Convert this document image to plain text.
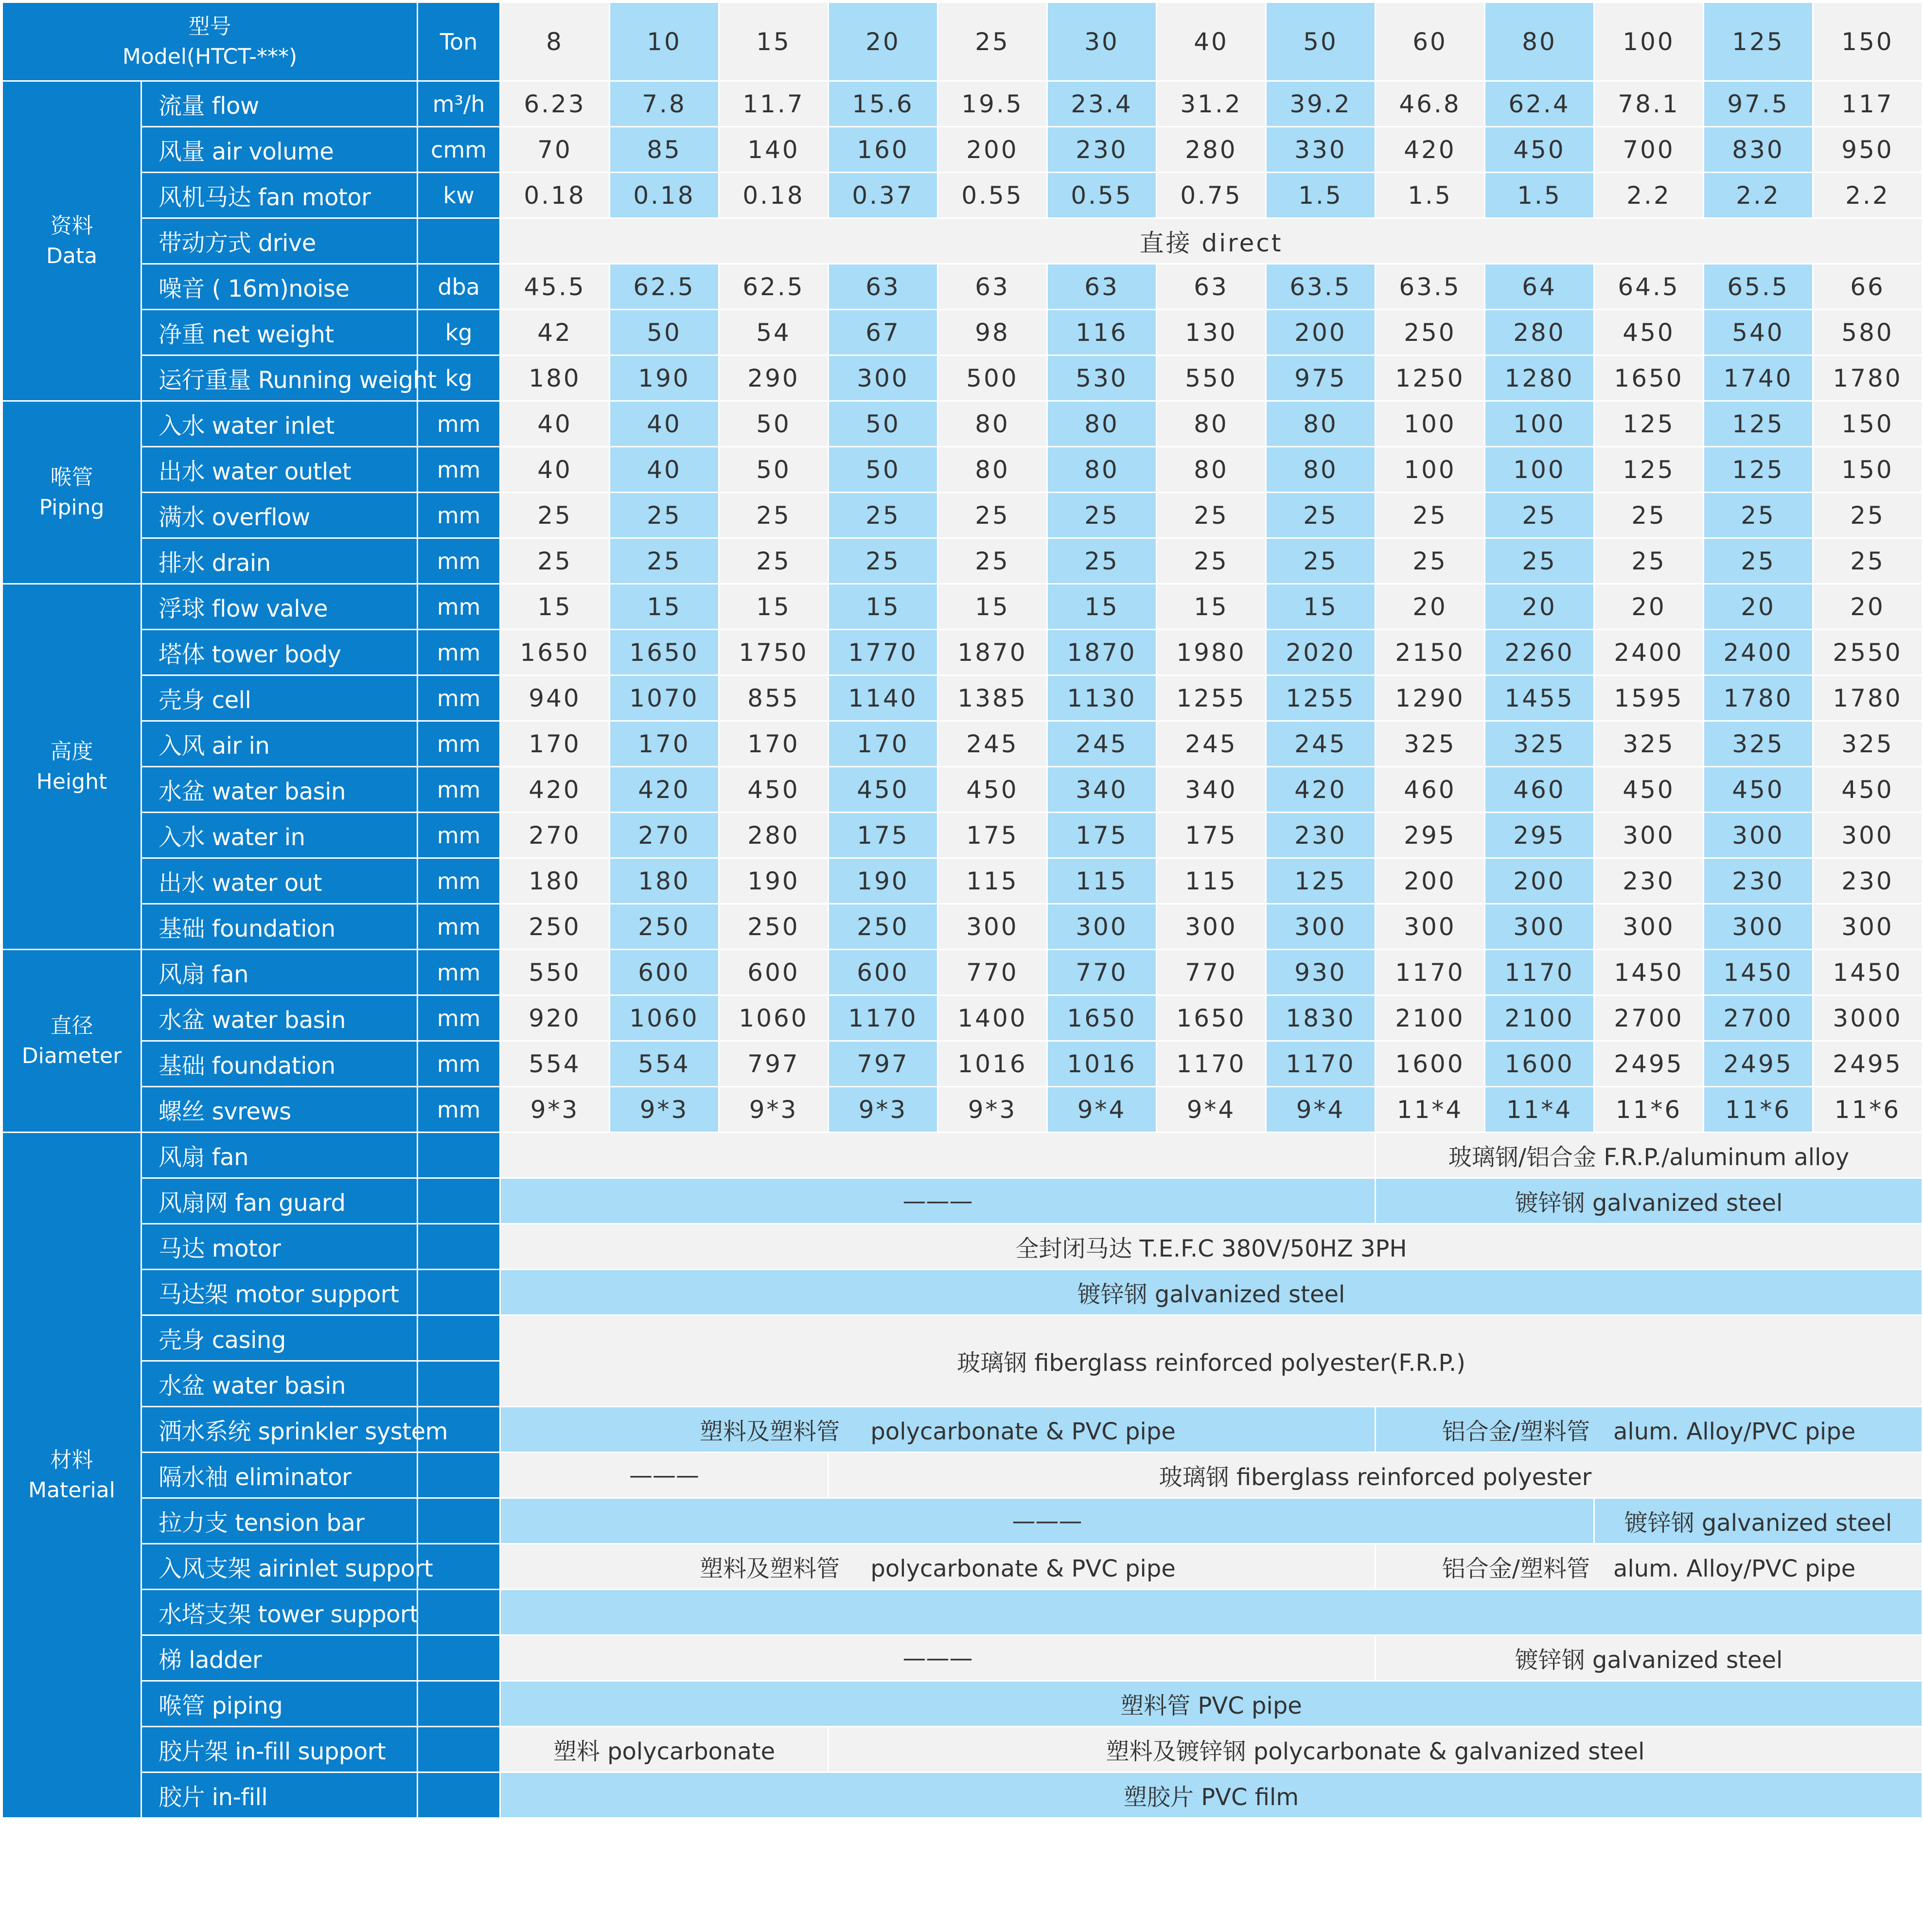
型号
Model(HTCT-***)		Ton	8	10	15	20	25	30	40	50	60	80	100	125	150

资料
Data	流量 flow	m³/h	6.23	7.8	11.7	15.6	19.5	23.4	31.2	39.2	46.8	62.4	78.1	97.5	117
	风量 air volume	cmm	70	85	140	160	200	230	280	330	420	450	700	830	950
	风机马达 fan motor	kw	0.18	0.18	0.18	0.37	0.55	0.55	0.75	1.5	1.5	1.5	2.2	2.2	2.2
	带动方式 drive		直接 direct												
	噪音 ( 16m)noise	dba	45.5	62.5	62.5	63	63	63	63	63.5	63.5	64	64.5	65.5	66
	净重 net weight	kg	42	50	54	67	98	116	130	200	250	280	450	540	580
	运行重量 Running weight	kg	180	190	290	300	500	530	550	975	1250	1280	1650	1740	1780

喉管
Piping	入水 water inlet	mm	40	40	50	50	80	80	80	80	100	100	125	125	150
	出水 water outlet	mm	40	40	50	50	80	80	80	80	100	100	125	125	150
	满水 overflow	mm	25	25	25	25	25	25	25	25	25	25	25	25	25
	排水 drain	mm	25	25	25	25	25	25	25	25	25	25	25	25	25

高度
Height	浮球 flow valve	mm	15	15	15	15	15	15	15	15	20	20	20	20	20
	塔体 tower body	mm	1650	1650	1750	1770	1870	1870	1980	2020	2150	2260	2400	2400	2550
	壳身 cell	mm	940	1070	855	1140	1385	1130	1255	1255	1290	1455	1595	1780	1780
	入风 air in	mm	170	170	170	170	245	245	245	245	325	325	325	325	325
	水盆 water basin	mm	420	420	450	450	450	340	340	420	460	460	450	450	450
	入水 water in	mm	270	270	280	175	175	175	175	230	295	295	300	300	300
	出水 water out	mm	180	180	190	190	115	115	115	125	200	200	230	230	230
	基础 foundation	mm	250	250	250	250	300	300	300	300	300	300	300	300	300

直径
Diameter	风扇 fan	mm	550	600	600	600	770	770	770	930	1170	1170	1450	1450	1450
	水盆 water basin	mm	920	1060	1060	1170	1400	1650	1650	1830	2100	2100	2700	2700	3000
	基础 foundation	mm	554	554	797	797	1016	1016	1170	1170	1600	1600	2495	2495	2495
	螺丝 svrews	mm	9*3	9*3	9*3	9*3	9*3	9*4	9*4	9*4	11*4	11*4	11*6	11*6	11*6

材料
Material	风扇 fan										玻璃钢/铝合金 F.R.P./aluminum alloy				
	风扇网 fan guard		———								镀锌钢 galvanized steel				
	马达 motor		全封闭马达 T.E.F.C 380V/50HZ 3PH												
	马达架 motor support		镀锌钢 galvanized steel												
	壳身 casing		玻璃钢 fiberglass reinforced polyester(F.R.P.)												
	水盆 water basin														
	洒水系统 sprinkler system		塑料及塑料管　 polycarbonate & PVC pipe								铝合金/塑料管　alum. Alloy/PVC pipe				
	隔水袖 eliminator		———			玻璃钢 fiberglass reinforced polyester									
	拉力支 tension bar		———										镀锌钢 galvanized steel		
	入风支架 airinlet support		塑料及塑料管　 polycarbonate & PVC pipe								铝合金/塑料管　alum. Alloy/PVC pipe				
	水塔支架 tower support														
	梯 ladder		———								镀锌钢 galvanized steel				
	喉管 piping		塑料管 PVC pipe												
	胶片架 in-fill support		塑料 polycarbonate			塑料及镀锌钢 polycarbonate & galvanized steel									
	胶片 in-fill		塑胶片 PVC film												
